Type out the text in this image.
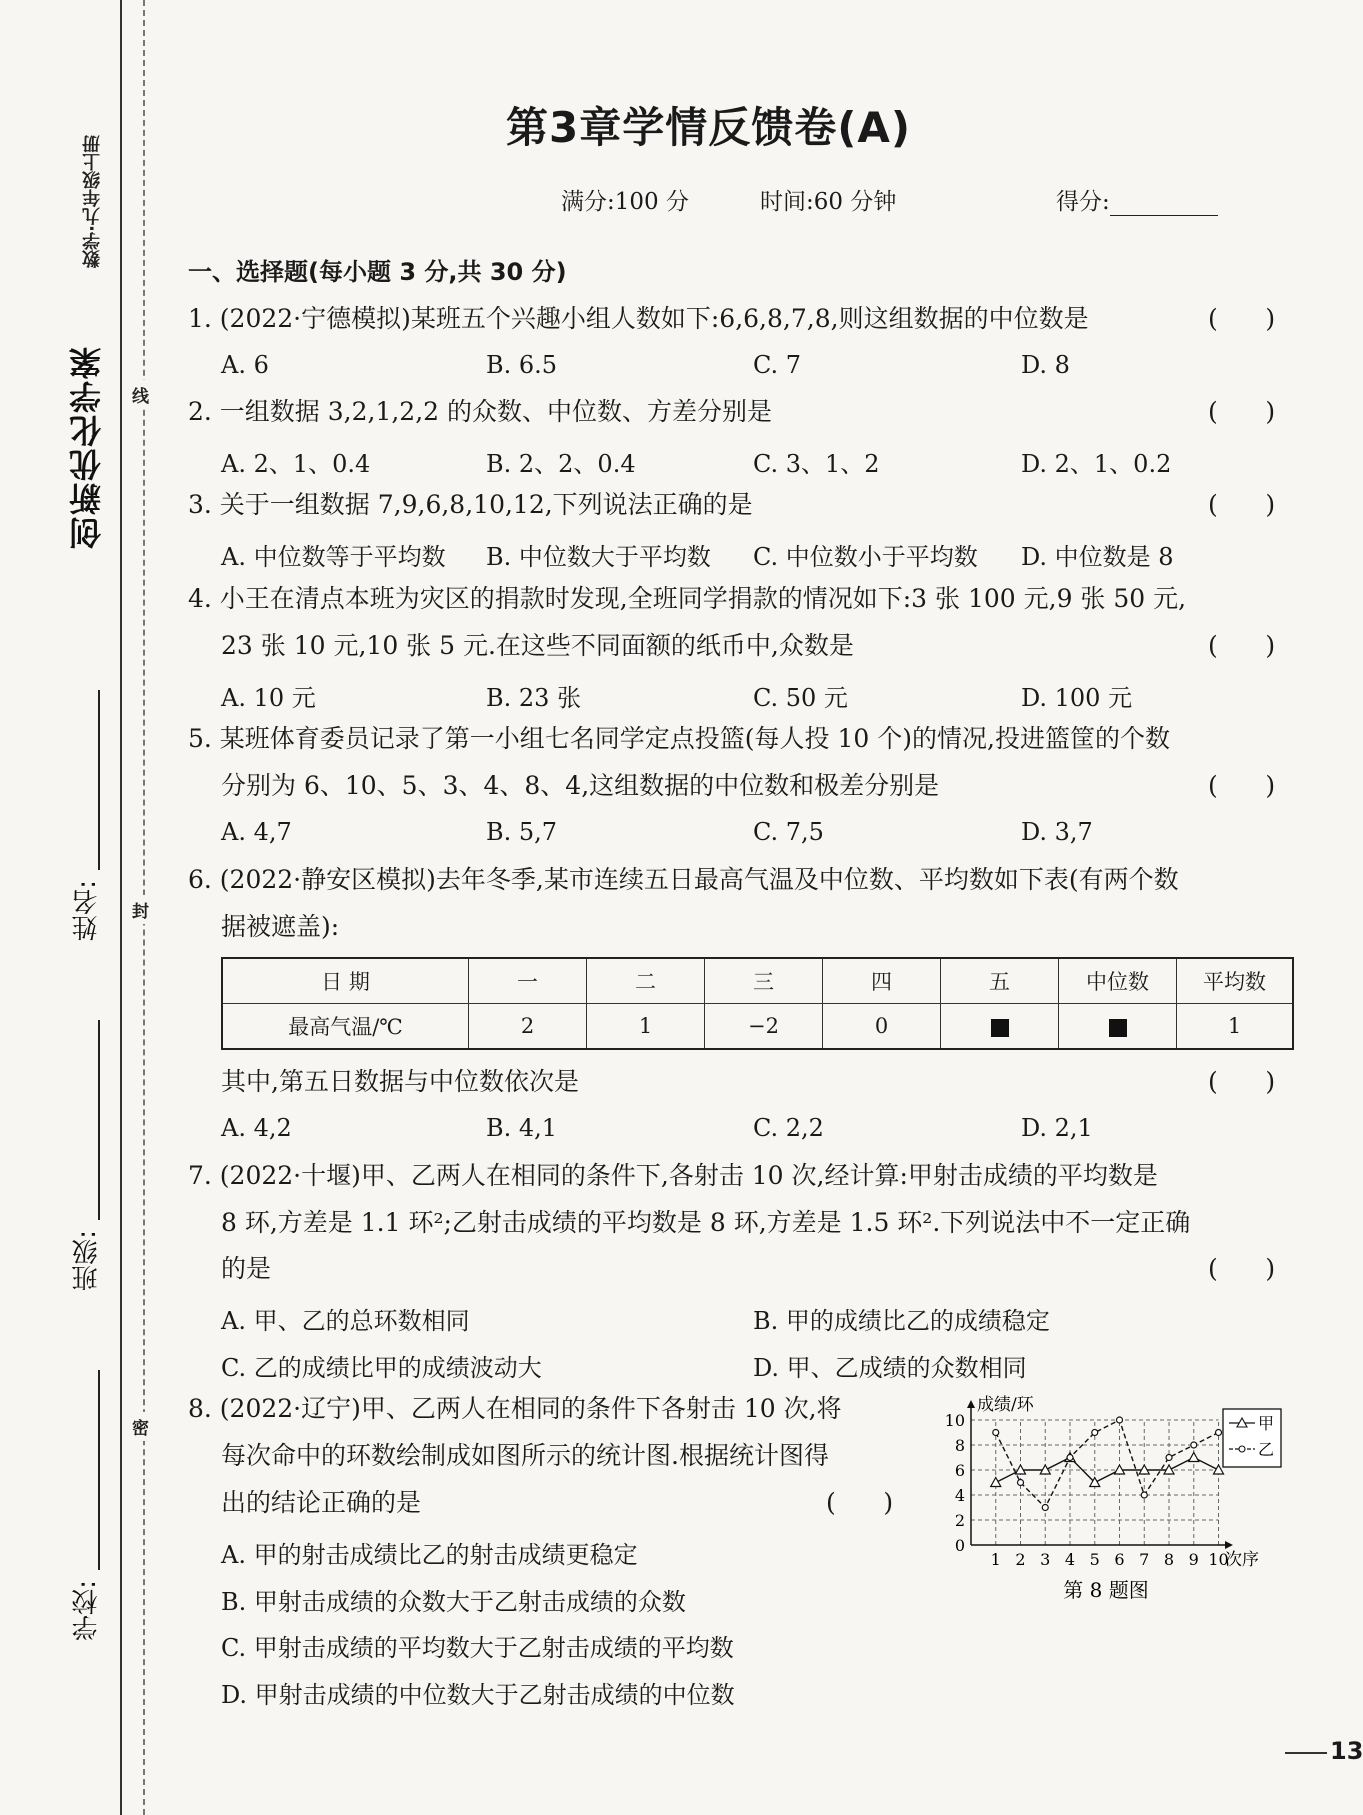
数学·九年级上册
创新优化学案
姓名:
班级:
学校:
线
封
密
第3章学情反馈卷(A)
满分:100 分	时间:60 分钟	得分:
一、选择题(每小题 3 分,共 30 分)
1. (2022·宁德模拟)某班五个兴趣小组人数如下:6,6,8,7,8,则这组数据的中位数是	(      )
A. 6	B. 6.5	C. 7	D. 8
2. 一组数据 3,2,1,2,2 的众数、中位数、方差分别是	(      )
A. 2、1、0.4	B. 2、2、0.4	C. 3、1、2	D. 2、1、0.2
3. 关于一组数据 7,9,6,8,10,12,下列说法正确的是	(      )
A. 中位数等于平均数 B. 中位数大于平均数 C. 中位数小于平均数 D. 中位数是 8
4. 小王在清点本班为灾区的捐款时发现,全班同学捐款的情况如下:3 张 100 元,9 张 50 元,
23 张 10 元,10 张 5 元.在这些不同面额的纸币中,众数是	(      )
A. 10 元	B. 23 张	C. 50 元	D. 100 元
5. 某班体育委员记录了第一小组七名同学定点投篮(每人投 10 个)的情况,投进篮筐的个数
分别为 6、10、5、3、4、8、4,这组数据的中位数和极差分别是	(      )
A. 4,7	B. 5,7	C. 7,5	D. 3,7
6. (2022·静安区模拟)去年冬季,某市连续五日最高气温及中位数、平均数如下表(有两个数
据被遮盖):
日 期	一	二	三	四	五	中位数	平均数
最高气温/℃	2	1	−2	0			1
其中,第五日数据与中位数依次是	(      )
A. 4,2	B. 4,1	C. 2,2	D. 2,1
7. (2022·十堰)甲、乙两人在相同的条件下,各射击 10 次,经计算:甲射击成绩的平均数是
8 环,方差是 1.1 环²;乙射击成绩的平均数是 8 环,方差是 1.5 环².下列说法中不一定正确
的是	(      )
A. 甲、乙的总环数相同	B. 甲的成绩比乙的成绩稳定
C. 乙的成绩比甲的成绩波动大	D. 甲、乙成绩的众数相同
8. (2022·辽宁)甲、乙两人在相同的条件下各射击 10 次,将
每次命中的环数绘制成如图所示的统计图.根据统计图得
出的结论正确的是	(      )
A. 甲的射击成绩比乙的射击成绩更稳定
B. 甲射击成绩的众数大于乙射击成绩的众数
C. 甲射击成绩的平均数大于乙射击成绩的平均数
D. 甲射击成绩的中位数大于乙射击成绩的中位数
成绩/环
次序
0
2
4
6
8
10
1 2 3 4 5 6 7 8 9 10
甲
乙
第 8 题图
13
